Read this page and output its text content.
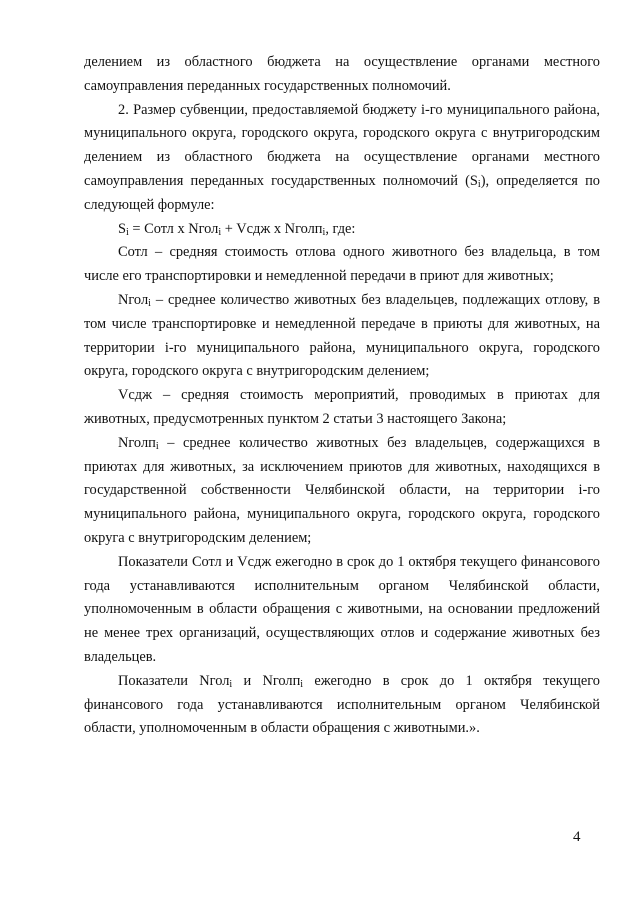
делением из областного бюджета на осуществление органами местного самоуправления переданных государственных полномочий.

2. Размер субвенции, предоставляемой бюджету i-го муниципального района, муниципального округа, городского округа, городского округа с внутригородским делением из областного бюджета на осуществление органами местного самоуправления переданных государственных полномочий $(S_i)$, определяется по следующей формуле:

$S_i$ = Cотл x Nгол$_i$ + Vсдж x Nголп$_i$, где:

Cотл – средняя стоимость отлова одного животного без владельца, в том числе его транспортировки и немедленной передачи в приют для животных;

Nгол$_i$ – среднее количество животных без владельцев, подлежащих отлову, в том числе транспортировке и немедленной передаче в приюты для животных, на территории i-го муниципального района, муниципального округа, городского округа, городского округа с внутригородским делением;

Vсдж – средняя стоимость мероприятий, проводимых в приютах для животных, предусмотренных пунктом 2 статьи 3 настоящего Закона;

Nголп$_i$ – среднее количество животных без владельцев, содержащихся в приютах для животных, за исключением приютов для животных, находящихся в государственной собственности Челябинской области, на территории i-го муниципального района, муниципального округа, городского округа, городского округа с внутригородским делением;

Показатели Cотл и Vсдж ежегодно в срок до 1 октября текущего финансового года устанавливаются исполнительным органом Челябинской области, уполномоченным в области обращения с животными, на основании предложений не менее трех организаций, осуществляющих отлов и содержание животных без владельцев.

Показатели Nгол$_i$ и Nголп$_i$ ежегодно в срок до 1 октября текущего финансового года устанавливаются исполнительным органом Челябинской области, уполномоченным в области обращения с животными.».

4
